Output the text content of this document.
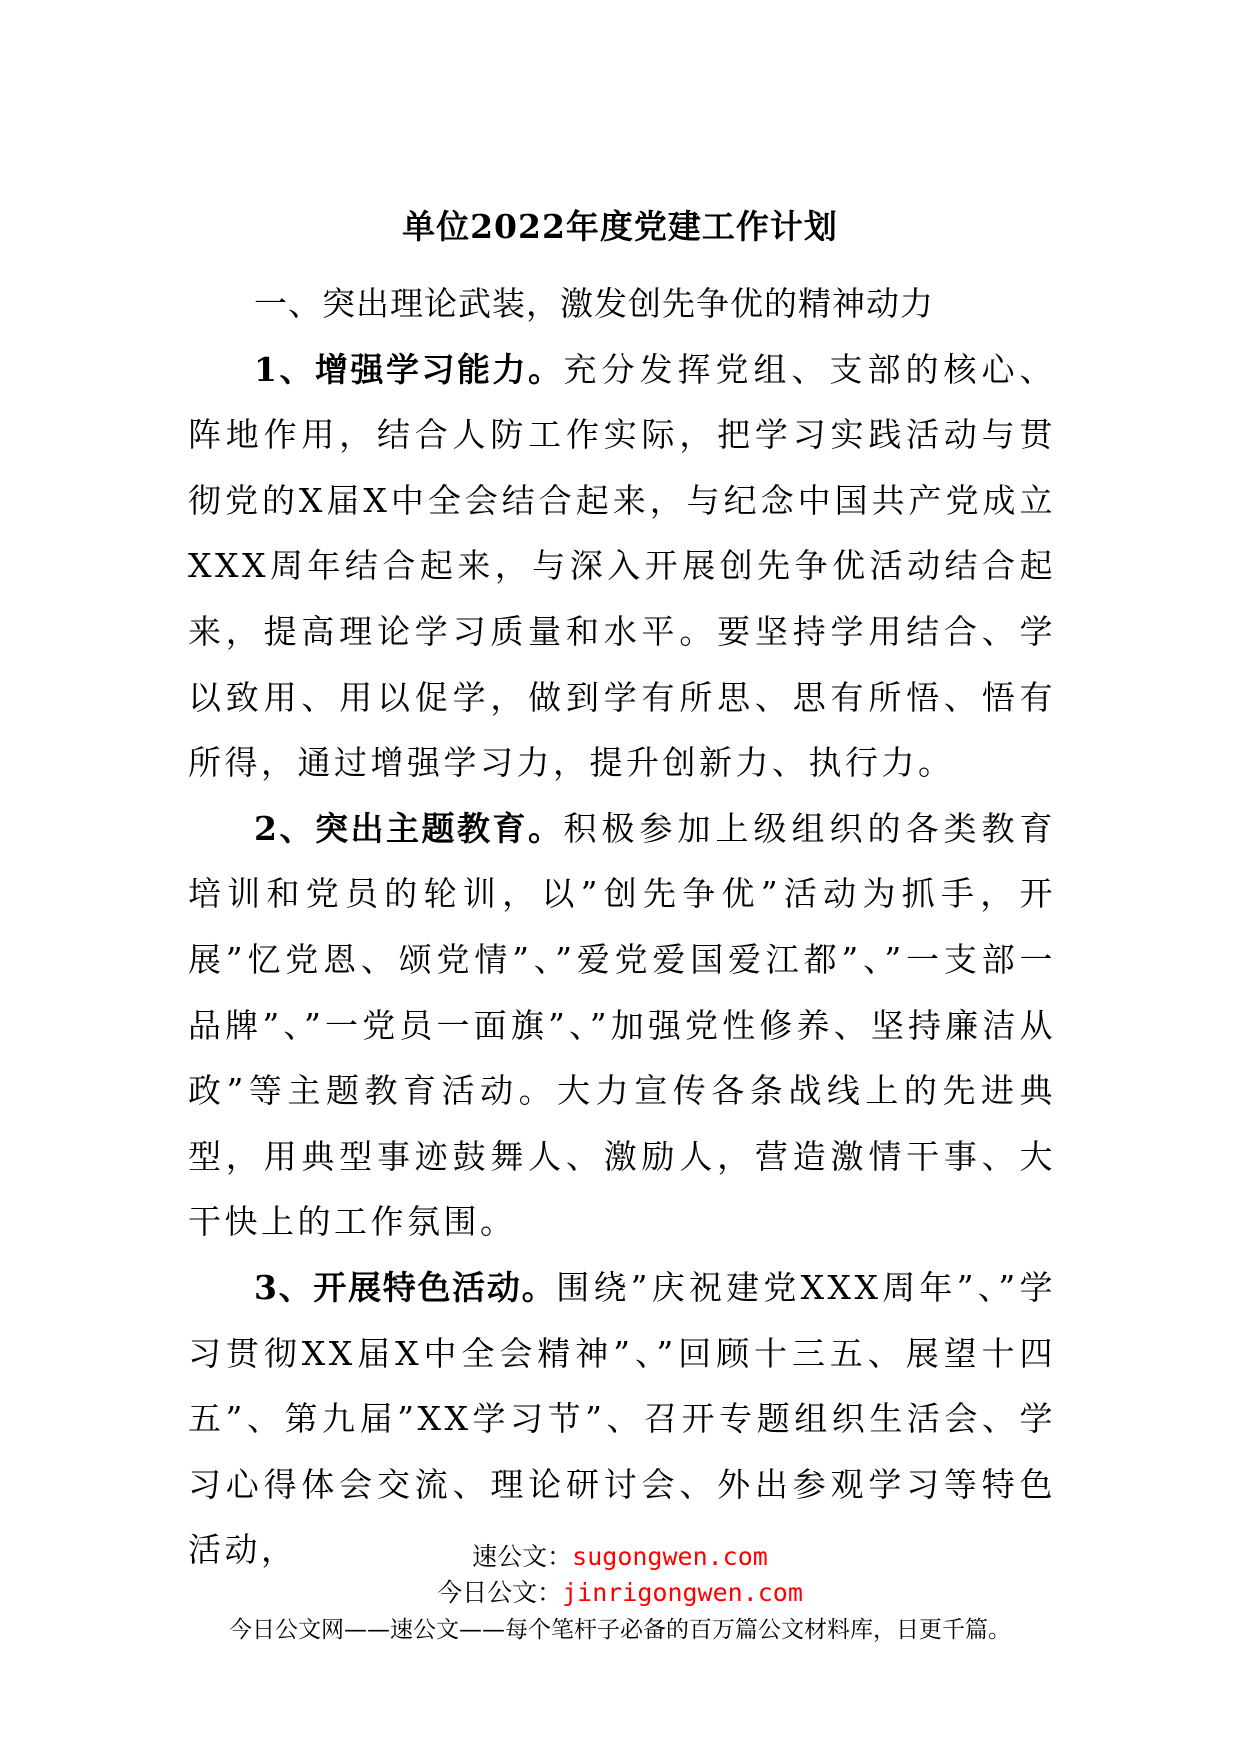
单位2022年度党建工作计划

一、突出理论武装，激发创先争优的精神动力

1、增强学习能力。充分发挥党组、支部的核心、阵地作用，结合人防工作实际，把学习实践活动与贯彻党的X届X中全会结合起来，与纪念中国共产党成立XXX周年结合起来，与深入开展创先争优活动结合起来，提高理论学习质量和水平。要坚持学用结合、学以致用、用以促学，做到学有所思、思有所悟、悟有所得，通过增强学习力，提升创新力、执行力。

2、突出主题教育。积极参加上级组织的各类教育培训和党员的轮训，以”创先争优”活动为抓手，开展”忆党恩、颂党情”、”爱党爱国爱江都”、”一支部一品牌”、”一党员一面旗”、”加强党性修养、坚持廉洁从政”等主题教育活动。大力宣传各条战线上的先进典型，用典型事迹鼓舞人、激励人，营造激情干事、大干快上的工作氛围。

3、开展特色活动。围绕”庆祝建党XXX周年”、”学习贯彻XX届X中全会精神”、”回顾十三五、展望十四五”、第九届”XX学习节”、召开专题组织生活会、学习心得体会交流、理论研讨会、外出参观学习等特色活动，	速公文：sugongwen.com
今日公文：jinrigongwen.com
今日公文网——速公文——每个笔杆子必备的百万篇公文材料库，日更千篇。
